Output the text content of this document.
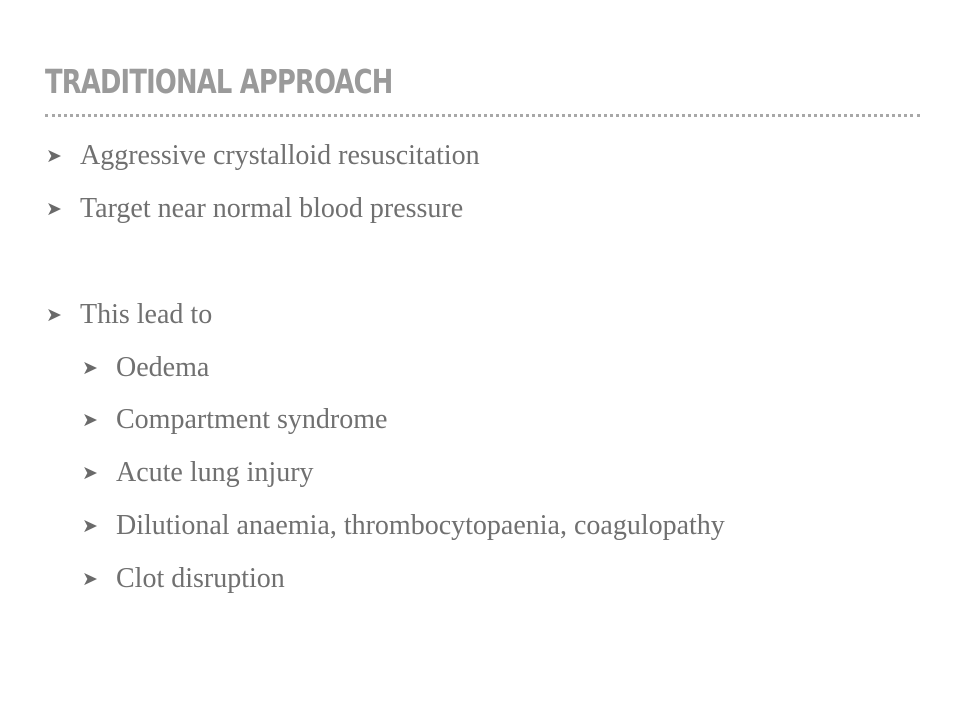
TRADITIONAL APPROACH
➤ Aggressive crystalloid resuscitation
➤ Target near normal blood pressure
➤ This lead to
➤ Oedema
➤ Compartment syndrome
➤ Acute lung injury
➤ Dilutional anaemia, thrombocytopaenia, coagulopathy
➤ Clot disruption
